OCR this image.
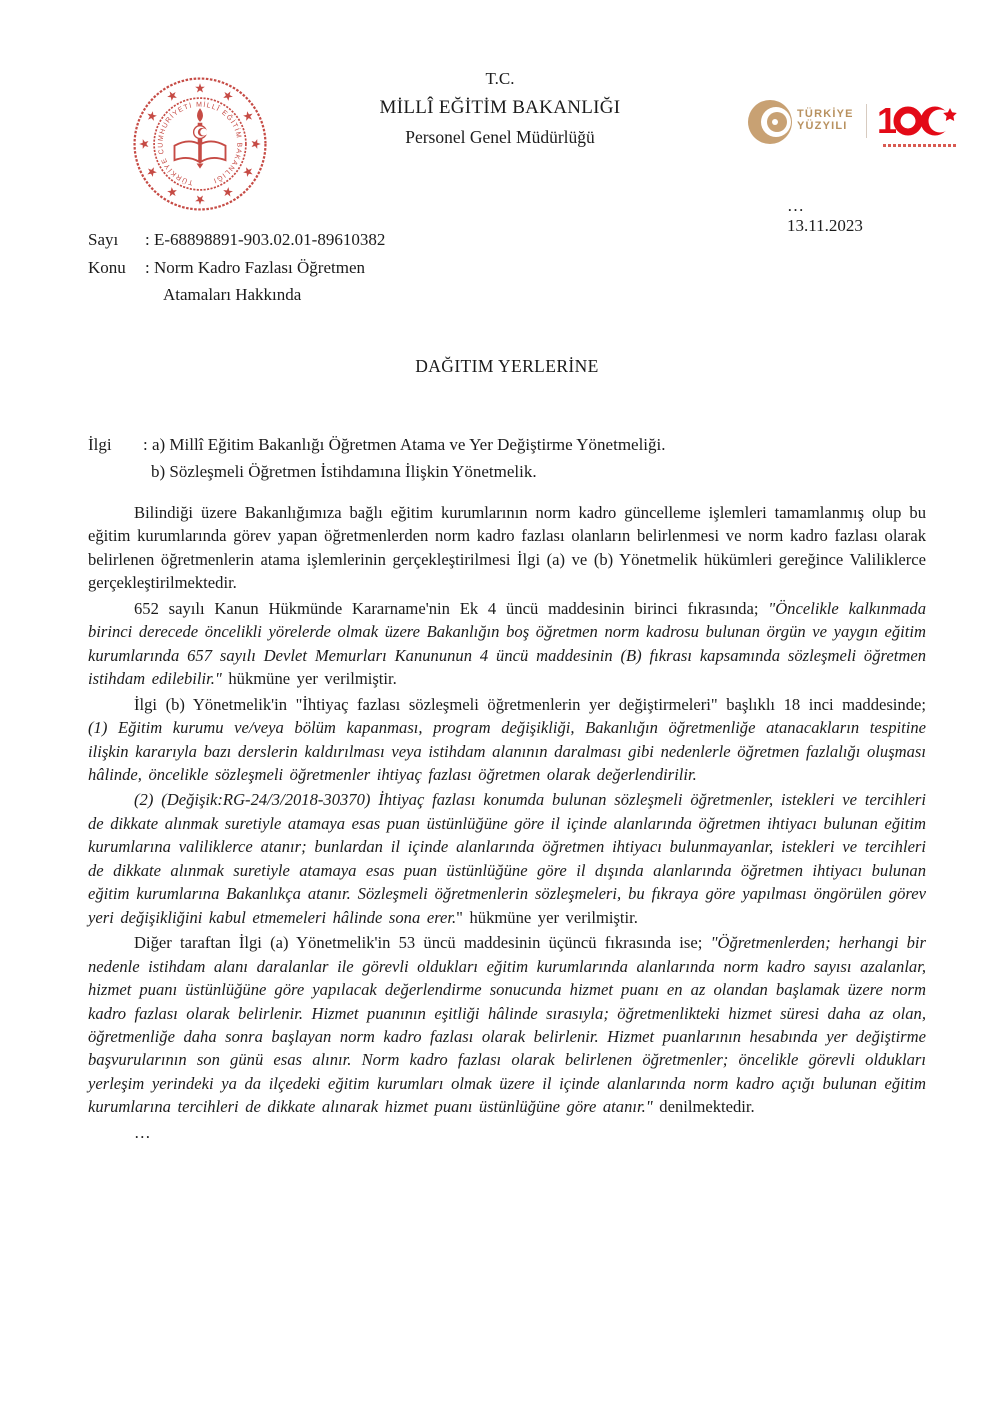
TÜRKİYE CUMHURİYETİ MİLLÎ EĞİTİM BAKANLIĞI
T.C.
MİLLÎ EĞİTİM BAKANLIĞI
Personel Genel Müdürlüğü
TÜRKİYE
YÜZYILI 1
Sayı	: E-68898891-903.02.01-89610382
Konu	: Norm Kadro Fazlası Öğretmen
Atamaları Hakkında
…
13.11.2023
DAĞITIM YERLERİNE
İlgi	: a) Millî Eğitim Bakanlığı Öğretmen Atama ve Yer Değiştirme Yönetmeliği.
b) Sözleşmeli Öğretmen İstihdamına İlişkin Yönetmelik.

Bilindiği üzere Bakanlığımıza bağlı eğitim kurumlarının norm kadro güncelleme işlemleri tamamlanmış olup bu eğitim kurumlarında görev yapan öğretmenlerden norm kadro fazlası olanların belirlenmesi ve norm kadro fazlası olarak belirlenen öğretmenlerin atama işlemlerinin gerçekleştirilmesi İlgi (a) ve (b) Yönetmelik hükümleri gereğince Valiliklerce gerçekleştirilmektedir.

652 sayılı Kanun Hükmünde Kararname'nin Ek 4 üncü maddesinin birinci fıkrasında; "Öncelikle kalkınmada birinci derecede öncelikli yörelerde olmak üzere Bakanlığın boş öğretmen norm kadrosu bulunan örgün ve yaygın eğitim kurumlarında 657 sayılı Devlet Memurları Kanununun 4 üncü maddesinin (B) fıkrası kapsamında sözleşmeli öğretmen istihdam edilebilir." hükmüne yer verilmiştir.

İlgi (b) Yönetmelik'in "İhtiyaç fazlası sözleşmeli öğretmenlerin yer değiştirmeleri" başlıklı 18 inci maddesinde; (1) Eğitim kurumu ve/veya bölüm kapanması, program değişikliği, Bakanlığın öğretmenliğe atanacakların tespitine ilişkin kararıyla bazı derslerin kaldırılması veya istihdam alanının daralması gibi nedenlerle öğretmen fazlalığı oluşması hâlinde, öncelikle sözleşmeli öğretmenler ihtiyaç fazlası öğretmen olarak değerlendirilir.

(2) (Değişik:RG-24/3/2018-30370) İhtiyaç fazlası konumda bulunan sözleşmeli öğretmenler, istekleri ve tercihleri de dikkate alınmak suretiyle atamaya esas puan üstünlüğüne göre il içinde alanlarında öğretmen ihtiyacı bulunan eğitim kurumlarına valiliklerce atanır; bunlardan il içinde alanlarında öğretmen ihtiyacı bulunmayanlar, istekleri ve tercihleri de dikkate alınmak suretiyle atamaya esas puan üstünlüğüne göre il dışında alanlarında öğretmen ihtiyacı bulunan eğitim kurumlarına Bakanlıkça atanır. Sözleşmeli öğretmenlerin sözleşmeleri, bu fıkraya göre yapılması öngörülen görev yeri değişikliğini kabul etmemeleri hâlinde sona erer." hükmüne yer verilmiştir.

Diğer taraftan İlgi (a) Yönetmelik'in 53 üncü maddesinin üçüncü fıkrasında ise; "Öğretmenlerden; herhangi bir nedenle istihdam alanı daralanlar ile görevli oldukları eğitim kurumlarında alanlarında norm kadro sayısı azalanlar, hizmet puanı üstünlüğüne göre yapılacak değerlendirme sonucunda hizmet puanı en az olandan başlamak üzere norm kadro fazlası olarak belirlenir. Hizmet puanının eşitliği hâlinde sırasıyla; öğretmenlikteki hizmet süresi daha az olan, öğretmenliğe daha sonra başlayan norm kadro fazlası olarak belirlenir. Hizmet puanlarının hesabında yer değiştirme başvurularının son günü esas alınır. Norm kadro fazlası olarak belirlenen öğretmenler; öncelikle görevli oldukları yerleşim yerindeki ya da ilçedeki eğitim kurumları olmak üzere il içinde alanlarında norm kadro açığı bulunan eğitim kurumlarına tercihleri de dikkate alınarak hizmet puanı üstünlüğüne göre atanır." denilmektedir.

…
